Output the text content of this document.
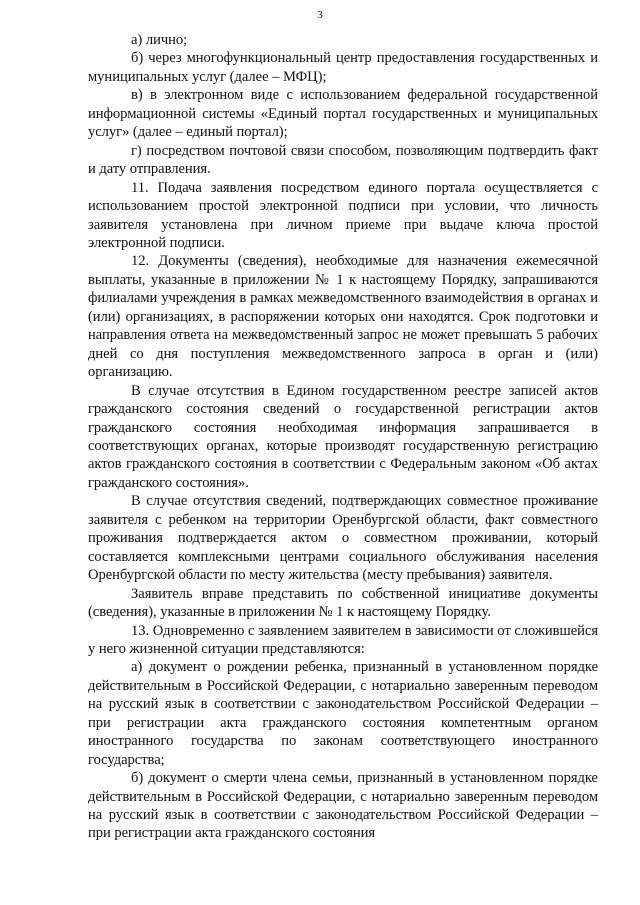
3

а) лично;

б) через многофункциональный центр предоставления государственных и муниципальных услуг (далее – МФЦ);

в) в электронном виде с использованием федеральной государственной информационной системы «Единый портал государственных и муниципальных услуг» (далее – единый портал);

г) посредством почтовой связи способом, позволяющим подтвердить факт и дату отправления.

11. Подача заявления посредством единого портала осуществляется с использованием простой электронной подписи при условии, что личность заявителя установлена при личном приеме при выдаче ключа простой электронной подписи.

12. Документы (сведения), необходимые для назначения ежемесячной выплаты, указанные в приложении № 1 к настоящему Порядку, запрашиваются филиалами учреждения в рамках межведомственного взаимодействия в органах и (или) организациях, в распоряжении которых они находятся. Срок подготовки и направления ответа на межведомственный запрос не может превышать 5 рабочих дней со дня поступления межведомственного запроса в орган и (или) организацию.

В случае отсутствия в Едином государственном реестре записей актов гражданского состояния сведений о государственной регистрации актов гражданского состояния необходимая информация запрашивается в соответствующих органах, которые производят государственную регистрацию актов гражданского состояния в соответствии с Федеральным законом «Об актах гражданского состояния».

В случае отсутствия сведений, подтверждающих совместное проживание заявителя с ребенком на территории Оренбургской области, факт совместного проживания подтверждается актом о совместном проживании, который составляется комплексными центрами социального обслуживания населения Оренбургской области по месту жительства (месту пребывания) заявителя.

Заявитель вправе представить по собственной инициативе документы (сведения), указанные в приложении № 1 к настоящему Порядку.

13. Одновременно с заявлением заявителем в зависимости от сложившейся у него жизненной ситуации представляются:

а) документ о рождении ребенка, признанный в установленном порядке действительным в Российской Федерации, с нотариально заверенным переводом на русский язык в соответствии с законодательством Российской Федерации – при регистрации акта гражданского состояния компетентным органом иностранного государства по законам соответствующего иностранного государства;

б) документ о смерти члена семьи, признанный в установленном порядке действительным в Российской Федерации, с нотариально заверенным переводом на русский язык в соответствии с законодательством Российской Федерации – при регистрации акта гражданского состояния
